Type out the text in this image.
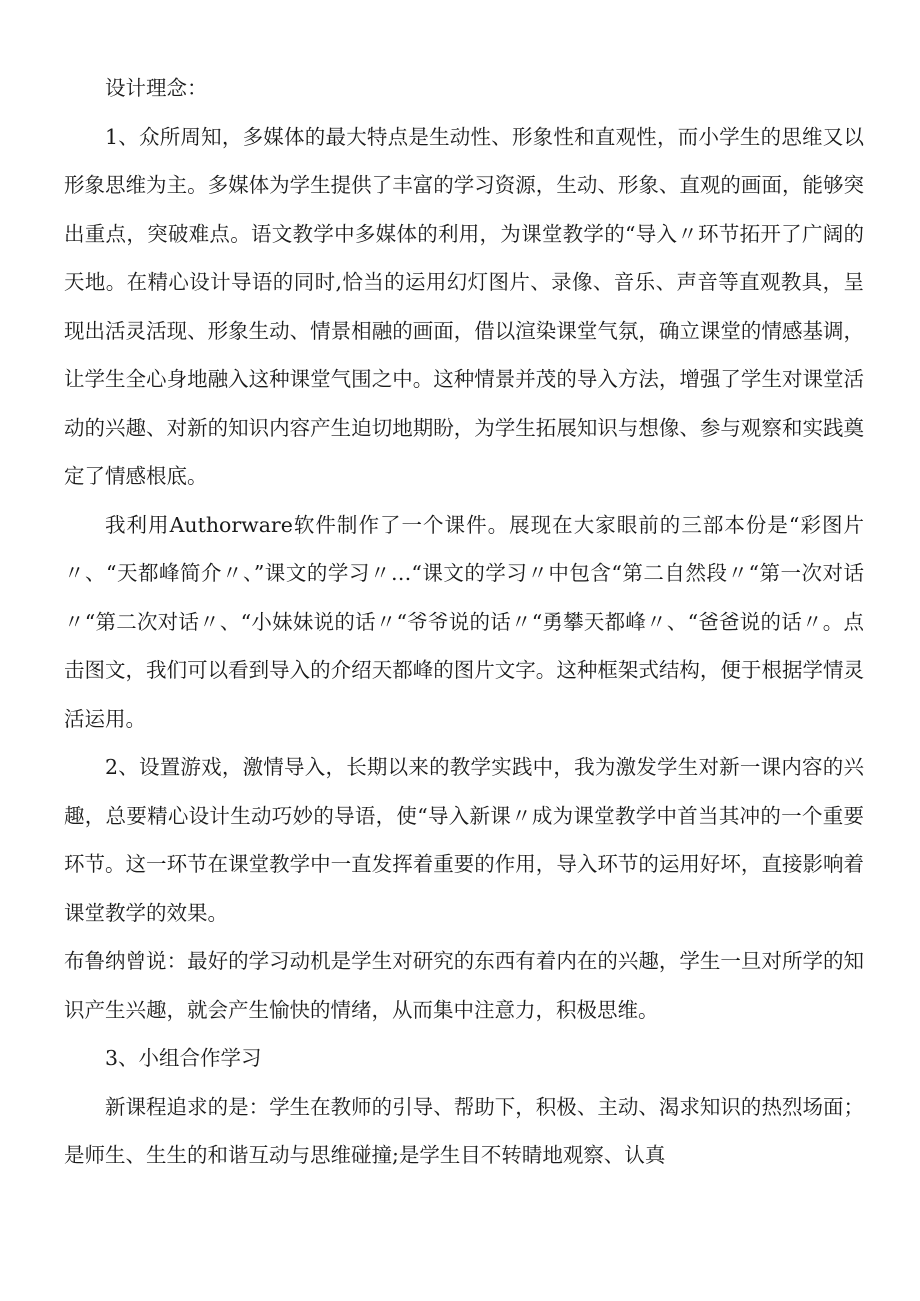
设计理念：

1、众所周知，多媒体的最大特点是生动性、形象性和直观性，而小学生的思维又以形象思维为主。多媒体为学生提供了丰富的学习资源，生动、形象、直观的画面，能够突出重点，突破难点。语文教学中多媒体的利用，为课堂教学的“导入〃环节拓开了广阔的天地。在精心设计导语的同时,恰当的运用幻灯图片、录像、音乐、声音等直观教具，呈现出活灵活现、形象生动、情景相融的画面，借以渲染课堂气氛，确立课堂的情感基调，让学生全心身地融入这种课堂气围之中。这种情景并茂的导入方法，增强了学生对课堂活动的兴趣、对新的知识内容产生迫切地期盼，为学生拓展知识与想像、参与观察和实践奠定了情感根底。

我利用Authorware软件制作了一个课件。展现在大家眼前的三部本份是“彩图片〃、“天都峰简介〃、”课文的学习〃…“课文的学习〃中包含“第二自然段〃“第一次对话〃“第二次对话〃、“小妹妹说的话〃“爷爷说的话〃“勇攀天都峰〃、“爸爸说的话〃。点击图文，我们可以看到导入的介绍天都峰的图片文字。这种框架式结构，便于根据学情灵活运用。

2、设置游戏，激情导入，长期以来的教学实践中，我为激发学生对新一课内容的兴趣，总要精心设计生动巧妙的导语，使“导入新课〃成为课堂教学中首当其冲的一个重要环节。这一环节在课堂教学中一直发挥着重要的作用，导入环节的运用好坏，直接影响着课堂教学的效果。

布鲁纳曾说：最好的学习动机是学生对研究的东西有着内在的兴趣，学生一旦对所学的知识产生兴趣，就会产生愉快的情绪，从而集中注意力，积极思维。

3、小组合作学习

新课程追求的是：学生在教师的引导、帮助下，积极、主动、渴求知识的热烈场面；是师生、生生的和谐互动与思维碰撞;是学生目不转睛地观察、认真
